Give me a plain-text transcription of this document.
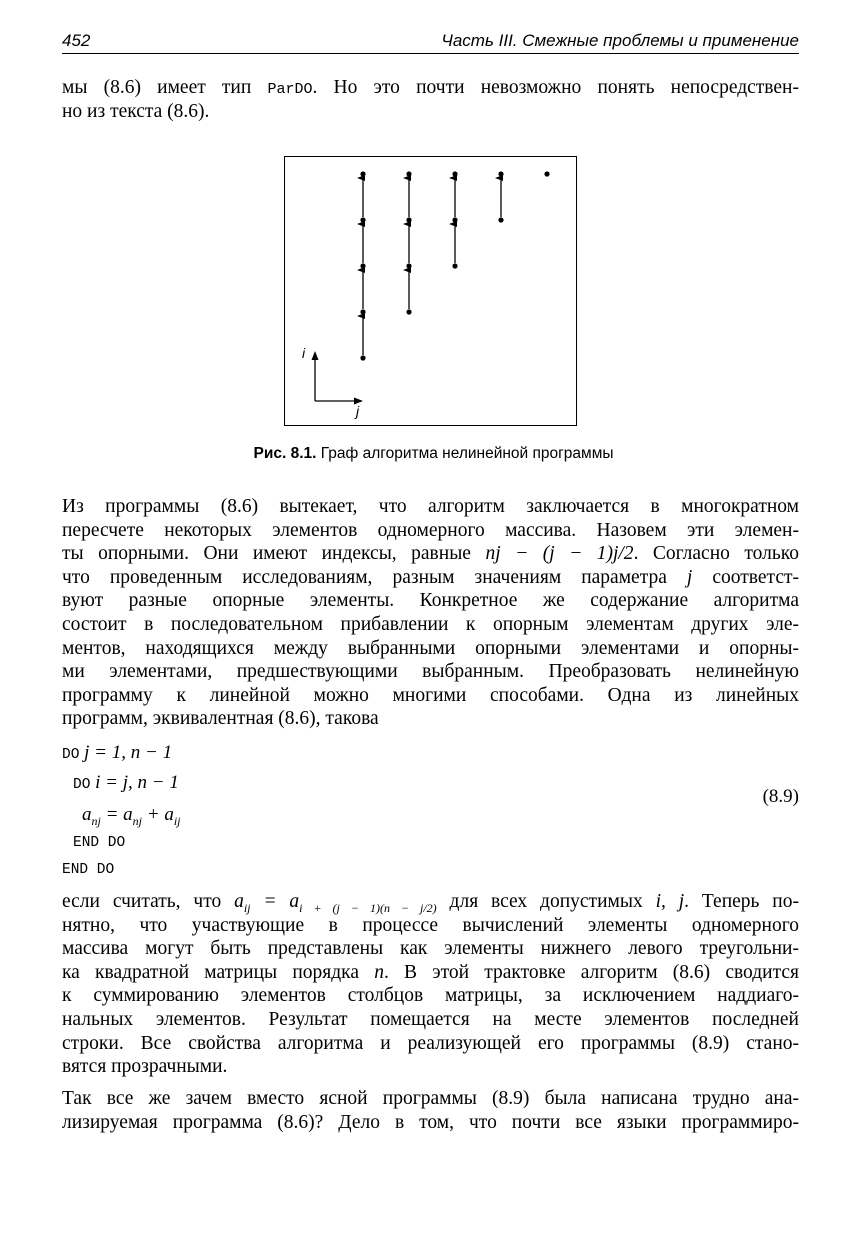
452	Часть III. Смежные проблемы и применение
мы (8.6) имеет тип ParDO. Но это почти невозможно понять непосредствен-
но из текста (8.6).
i
j
Рис. 8.1. Граф алгоритма нелинейной программы
Из программы (8.6) вытекает, что алгоритм заключается в многократном
пересчете некоторых элементов одномерного массива. Назовем эти элемен-
ты опорными. Они имеют индексы, равные nj − (j − 1)j/2. Согласно только
что проведенным исследованиям, разным значениям параметра j соответст-
вуют разные опорные элементы. Конкретное же содержание алгоритма
состоит в последовательном прибавлении к опорным элементам других эле-
ментов, находящихся между выбранными опорными элементами и опорны-
ми элементами, предшествующими выбранным. Преобразовать нелинейную
программу к линейной можно многими способами. Одна из линейных
программ, эквивалентная (8.6), такова
DO j = 1, n − 1
DO i = j, n − 1
$a_{nj} = a_{nj} + a_{ij}$
END DO
END DO
(8.9)
если считать, что $a_{ij} = a_{i + (j - 1)(n - j/2)}$ для всех допустимых i, j. Теперь по-
нятно, что участвующие в процессе вычислений элементы одномерного
массива могут быть представлены как элементы нижнего левого треугольни-
ка квадратной матрицы порядка n. В этой трактовке алгоритм (8.6) сводится
к суммированию элементов столбцов матрицы, за исключением наддиаго-
нальных элементов. Результат помещается на месте элементов последней
строки. Все свойства алгоритма и реализующей его программы (8.9) стано-
вятся прозрачными.
Так все же зачем вместо ясной программы (8.9) была написана трудно ана-
лизируемая программа (8.6)? Дело в том, что почти все языки программиро-
